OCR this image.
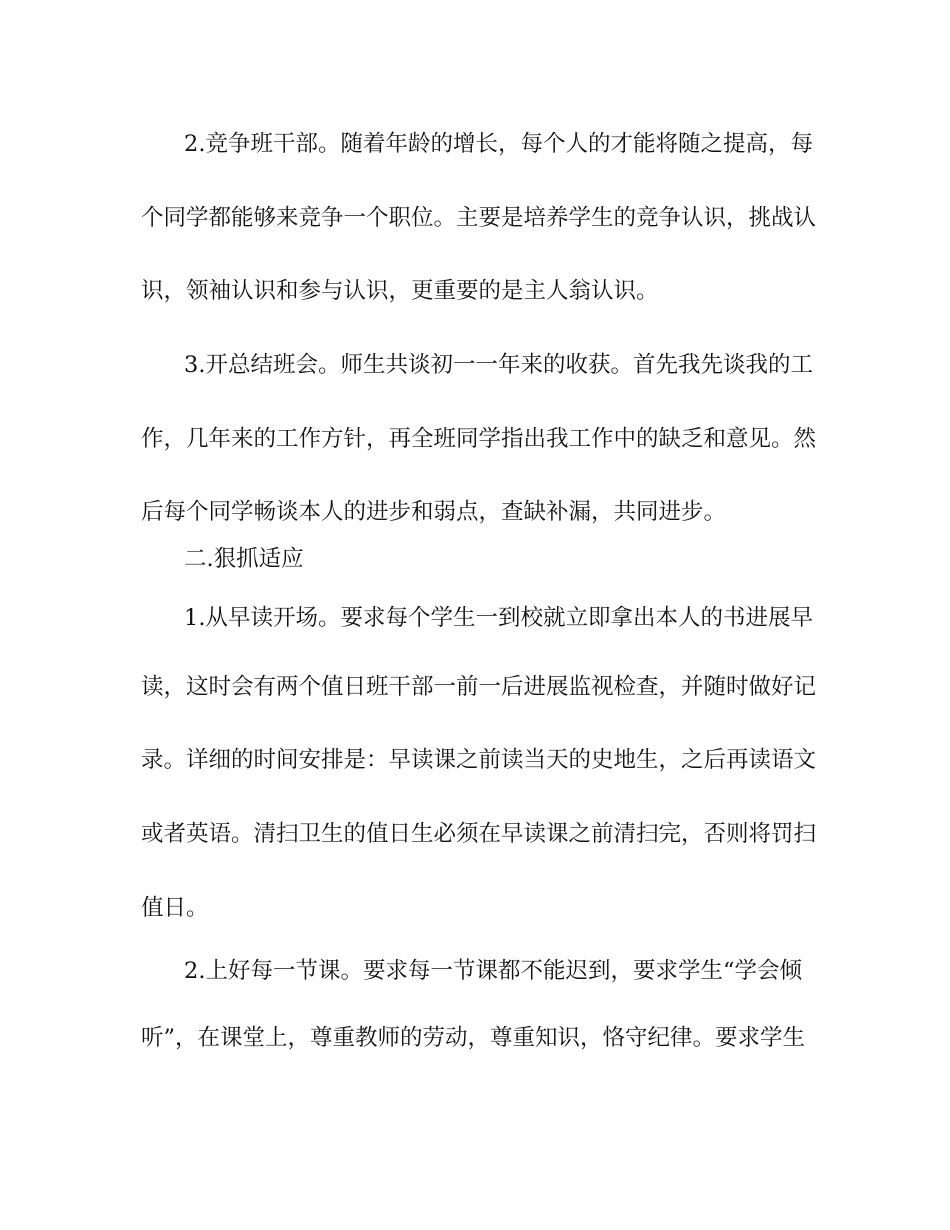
2.竞争班干部。随着年龄的增长，每个人的才能将随之提高，每
个同学都能够来竞争一个职位。主要是培养学生的竞争认识，挑战认
识，领袖认识和参与认识，更重要的是主人翁认识。
3.开总结班会。师生共谈初一一年来的收获。首先我先谈我的工
作，几年来的工作方针，再全班同学指出我工作中的缺乏和意见。然
后每个同学畅谈本人的进步和弱点，查缺补漏，共同进步。
二.狠抓适应
1.从早读开场。要求每个学生一到校就立即拿出本人的书进展早
读，这时会有两个值日班干部一前一后进展监视检查，并随时做好记
录。详细的时间安排是：早读课之前读当天的史地生，之后再读语文
或者英语。清扫卫生的值日生必须在早读课之前清扫完，否则将罚扫
值日。
2.上好每一节课。要求每一节课都不能迟到，要求学生“学会倾
听”，在课堂上，尊重教师的劳动，尊重知识，恪守纪律。要求学生
